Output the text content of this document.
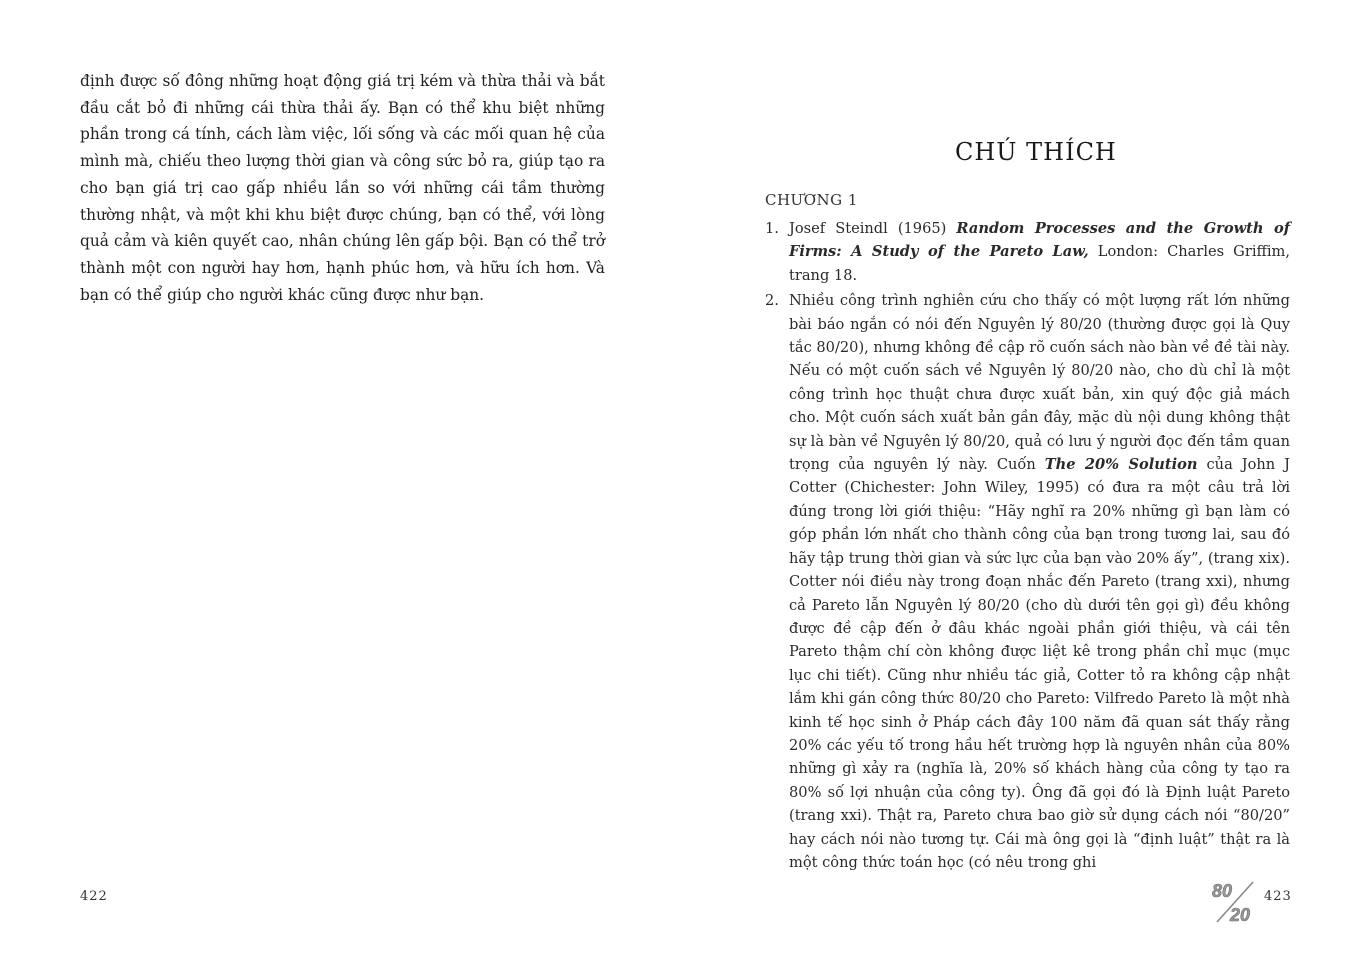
định được số đông những hoạt động giá trị kém và thừa thải và bắt đầu cắt bỏ đi những cái thừa thải ấy. Bạn có thể khu biệt những phần trong cá tính, cách làm việc, lối sống và các mối quan hệ của mình mà, chiếu theo lượng thời gian và công sức bỏ ra, giúp tạo ra cho bạn giá trị cao gấp nhiều lần so với những cái tầm thường thường nhật, và một khi khu biệt được chúng, bạn có thể, với lòng quả cảm và kiên quyết cao, nhân chúng lên gấp bội. Bạn có thể trở thành một con người hay hơn, hạnh phúc hơn, và hữu ích hơn. Và bạn có thể giúp cho người khác cũng được như bạn.

422
CHÚ THÍCH
CHƯƠNG 1
1. Josef Steindl (1965) Random Processes and the Growth of Firms: A Study of the Pareto Law, London: Charles Griffim, trang 18.
2. Nhiều công trình nghiên cứu cho thấy có một lượng rất lớn những bài báo ngắn có nói đến Nguyên lý 80/20 (thường được gọi là Quy tắc 80/20), nhưng không đề cập rõ cuốn sách nào bàn về đề tài này. Nếu có một cuốn sách về Nguyên lý 80/20 nào, cho dù chỉ là một công trình học thuật chưa được xuất bản, xin quý độc giả mách cho. Một cuốn sách xuất bản gần đây, mặc dù nội dung không thật sự là bàn về Nguyên lý 80/20, quả có lưu ý người đọc đến tầm quan trọng của nguyên lý này. Cuốn The 20% Solution của John J Cotter (Chichester: John Wiley, 1995) có đưa ra một câu trả lời đúng trong lời giới thiệu: “Hãy nghĩ ra 20% những gì bạn làm có góp phần lớn nhất cho thành công của bạn trong tương lai, sau đó hãy tập trung thời gian và sức lực của bạn vào 20% ấy”, (trang xix). Cotter nói điều này trong đoạn nhắc đến Pareto (trang xxi), nhưng cả Pareto lẫn Nguyên lý 80/20 (cho dù dưới tên gọi gì) đều không được đề cập đến ở đâu khác ngoài phần giới thiệu, và cái tên Pareto thậm chí còn không được liệt kê trong phần chỉ mục (mục lục chi tiết). Cũng như nhiều tác giả, Cotter tỏ ra không cập nhật lắm khi gán công thức 80/20 cho Pareto: Vilfredo Pareto là một nhà kinh tế học sinh ở Pháp cách đây 100 năm đã quan sát thấy rằng 20% các yếu tố trong hầu hết trường hợp là nguyên nhân của 80% những gì xảy ra (nghĩa là, 20% số khách hàng của công ty tạo ra 80% số lợi nhuận của công ty). Ông đã gọi đó là Định luật Pareto (trang xxi). Thật ra, Pareto chưa bao giờ sử dụng cách nói “80/20” hay cách nói nào tương tự. Cái mà ông gọi là “định luật” thật ra là một công thức toán học (có nêu trong ghi
80
20
423
